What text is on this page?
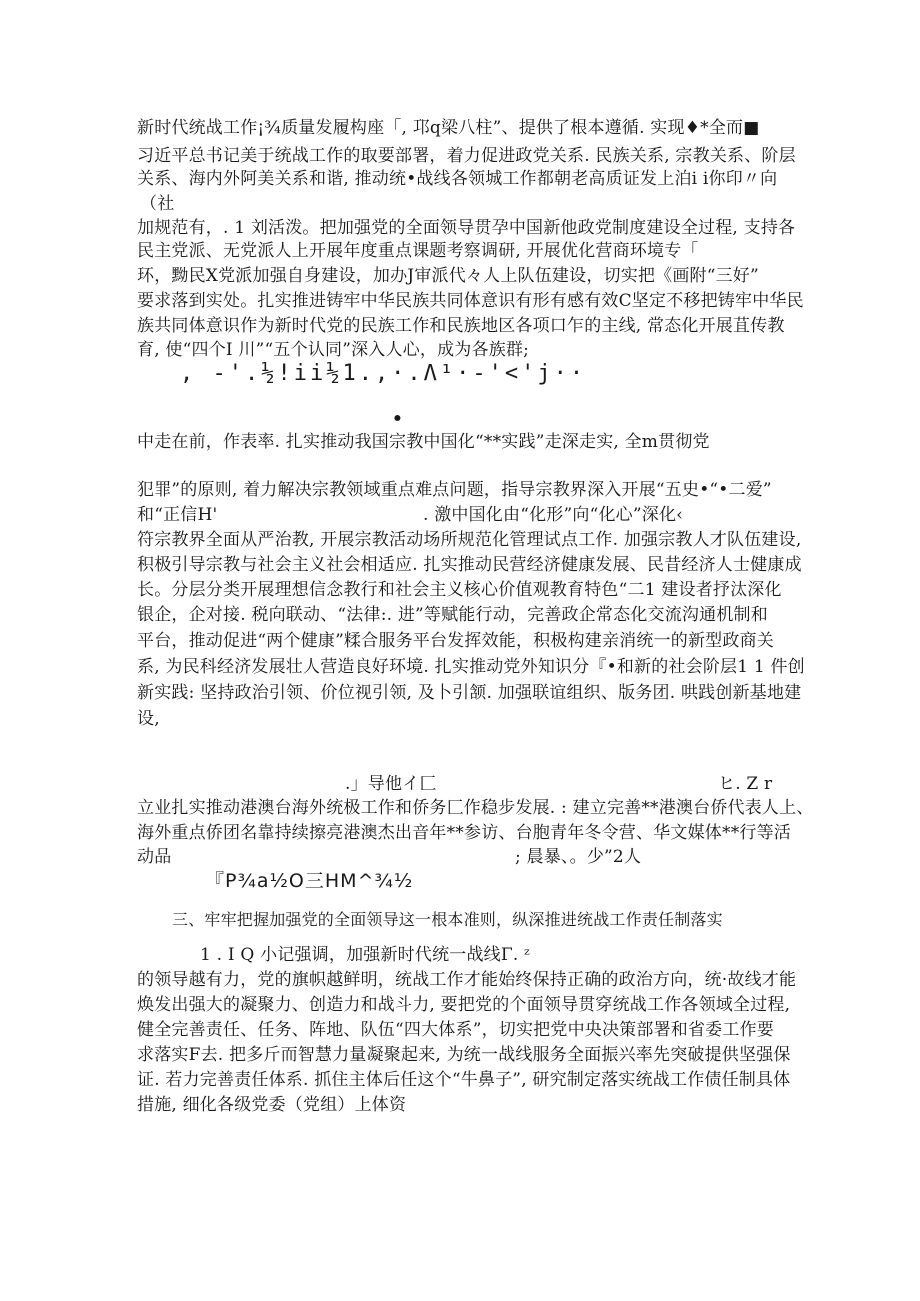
新时代统战工作¡¾质量发履构座「, 邛q梁八柱”、提供了根本遵循. 实现♦*全而■
习近平总书记美于统战工作的取要部署，着力促进政党关系. 民族关系, 宗教关系、阶层
关系、海内外阿美关系和谐, 推动统•战线各领城工作都朝老高质证发上泊i i你印〃向
（社
加规范有，. 1 刘活泼。把加强党的全面领导贯孕中国新他政党制度建设全过程, 支持各
民主党派、无党派人上开展年度重点课题考察调研, 开展优化营商环境专「
环，黝民X党派加强自身建设，加办J审派代々人上队伍建设，切实把《画附“三好”
要求落到实处。扎实推进铸牢中华民族共同体意识有形有感有效C坚定不移把铸牢中华民
族共同体意识作为新时代党的民族工作和民族地区各项口乍的主线, 常态化开展苴传教
育, 使“四个I 川”“五个认同”深入人心，成为各族群;
, -'.½!ii½1.,·.Λ¹·-'<'j··
•
中走在前，作表率. 扎实推动我国宗教中国化“**实践”走深走实, 全m贯彻党
犯罪”的原则, 着力解决宗教领域重点难点问题，指导宗教界深入开展“五史•“•二爱”
和“正信H'	. 激中国化由“化形”向“化心”深化‹
符宗教界全面从严治教, 开展宗教活动场所规范化管理试点工作. 加强宗教人才队伍建设,
积极引导宗教与社会主义社会相适应. 扎实推动民营经济健康发展、民昔经济人士健康成
长。分层分类开展理想信念教行和社会主义核心价值观教育特色“二1 建设者抒汰深化
银企，企对接. 税向联动、“法律:. 进”等赋能行动，完善政企常态化交流沟通机制和
平台，推动促进“两个健康”糅合服务平台发挥效能，积极构建亲消统一的新型政商关
系, 为民科经济发展壮人营造良好环境. 扎实推动党外知识分『•和新的社会阶层1 1 件创
新实践: 坚持政治引领、价位视引领, 及卜引颔. 加强联谊组织、版务团. 哄践创新基地建
设,
.」导他イ匚	ヒ. Z r
立业扎实推动港澳台海外统极工作和侨务匚作稳步发展. : 建立完善**港澳台侨代表人上、
海外重点侨团名靠持续擦亮港澳杰出音年**参访、台胞青年冬令营、华文媒体**行等活
动品	; 晨暴、。少”2人
『P¾a½O三HM^¾½
三、牢牢把握加强党的全面领导这一根本准则，纵深推进统战工作责任制落实
1 . I Q 小记强调，加强新时代统一战线Γ. ᶻ
的领导越有力，党的旗帜越鲜明，统战工作才能始终保持正确的政治方向，统·故线才能
焕发出强大的凝聚力、创造力和战斗力, 要把党的个面领导贯穿统战工作各领域全过程,
健全完善责任、任务、阵地、队伍“四大体系”，切实把党中央决策部署和省委工作要
求落实F去. 把多斤而智慧力量凝聚起来, 为统一战线服务全面振兴率先突破提供坚强保
证. 若力完善责任体系. 抓住主体后任这个“牛鼻子”, 研究制定落实统战工作债任制具体
措施, 细化各级党委（党组）上体资
